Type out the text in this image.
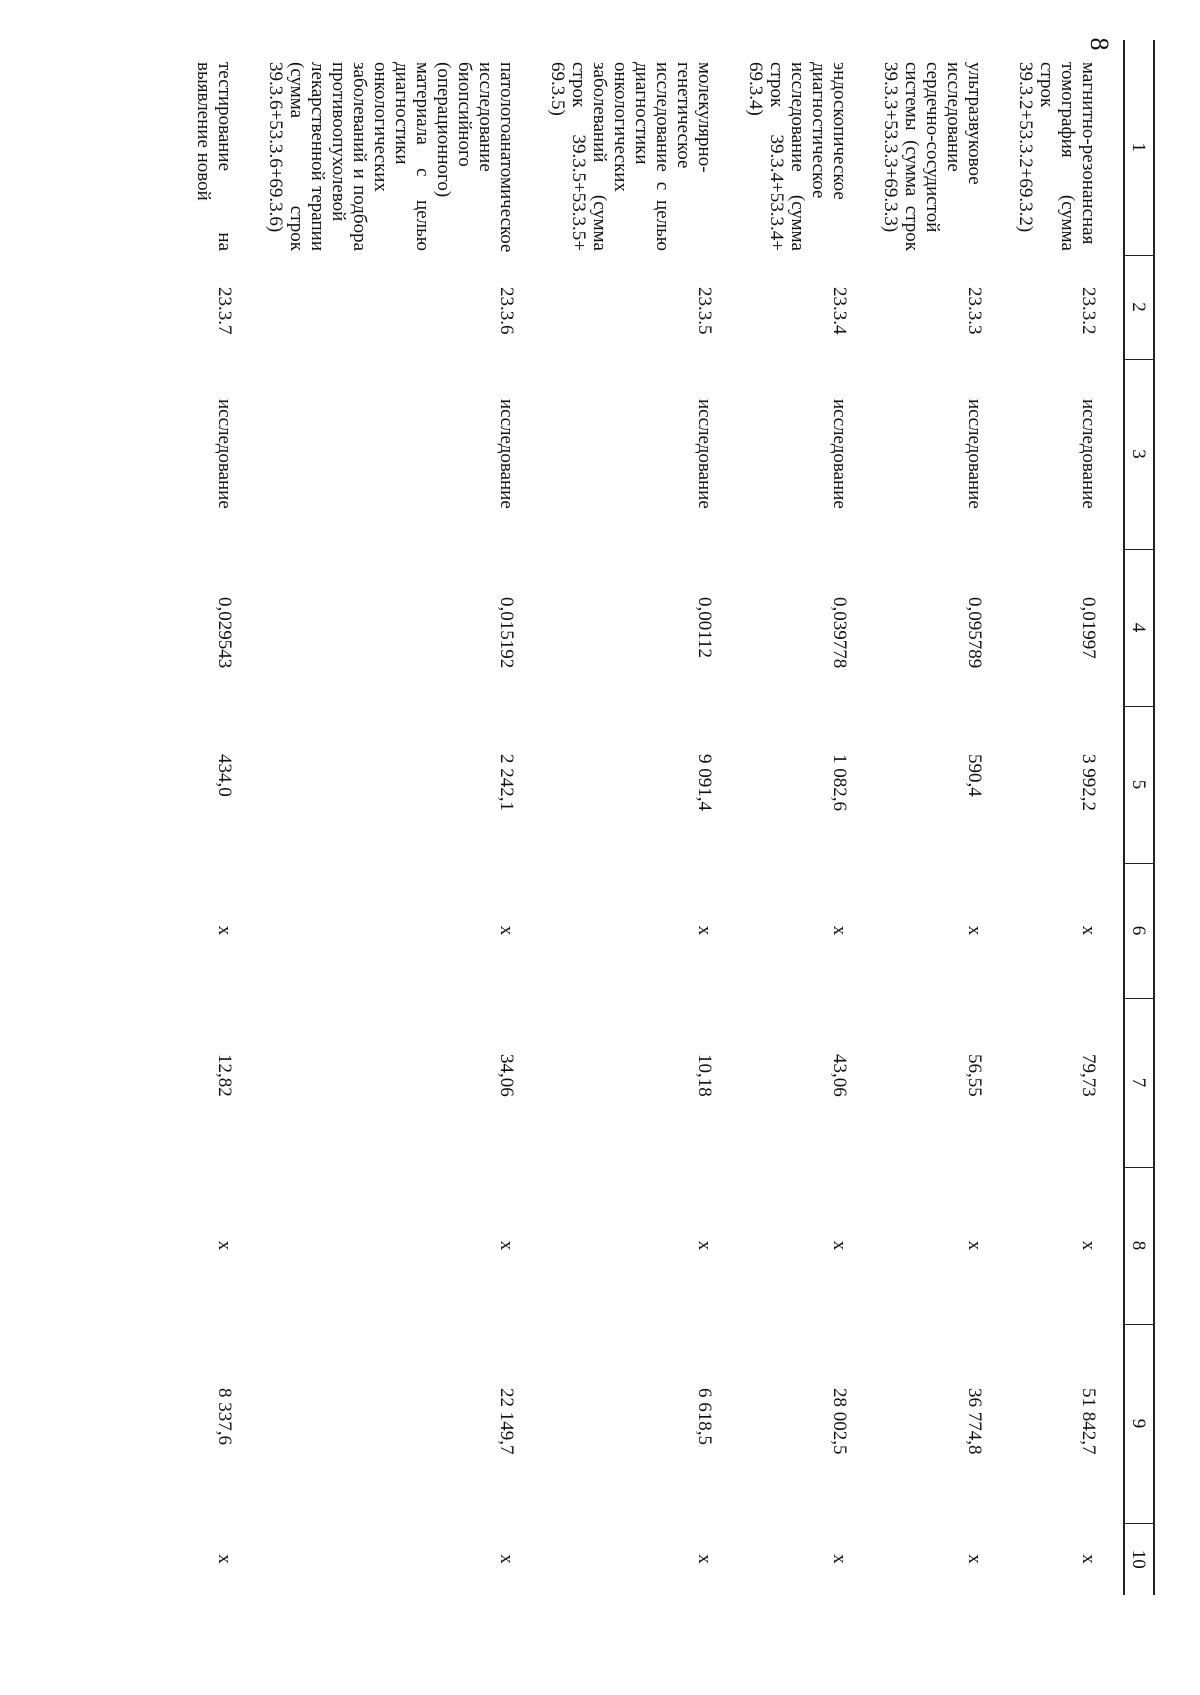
8
1	2	3	4	5	6	7	8	9	10
магнитно-резонансная томография (сумма строк 39.3.2+53.3.2+69.3.2)	23.3.2	исследование	0,01997	3 992,2	х	79,73	х	51 842,7	х
ультразвуковое исследование сердечно-сосудистой системы (сумма строк 39.3.3+53.3.3+69.3.3)	23.3.3	исследование	0,095789	590,4	х	56,55	х	36 774,8	х
эндоскопическое диагностическое исследование (сумма строк 39.3.4+53.3.4+ 69.3.4)	23.3.4	исследование	0,039778	1 082,6	х	43,06	х	28 002,5	х
молекулярно-генетическое исследование с целью диагностики онкологических заболеваний (сумма строк 39.3.5+53.3.5+ 69.3.5)	23.3.5	исследование	0,00112	9 091,4	х	10,18	х	6 618,5	х
патологоанатомическое исследование биопсийного (операционного) материала с целью диагностики онкологических заболеваний и подбора противоопухолевой лекарственной терапии (сумма строк 39.3.6+53.3.6+69.3.6)	23.3.6	исследование	0,015192	2 242,1	х	34,06	х	22 149,7	х
тестирование на выявление новой	23.3.7	исследование	0,029543	434,0	х	12,82	х	8 337,6	х
